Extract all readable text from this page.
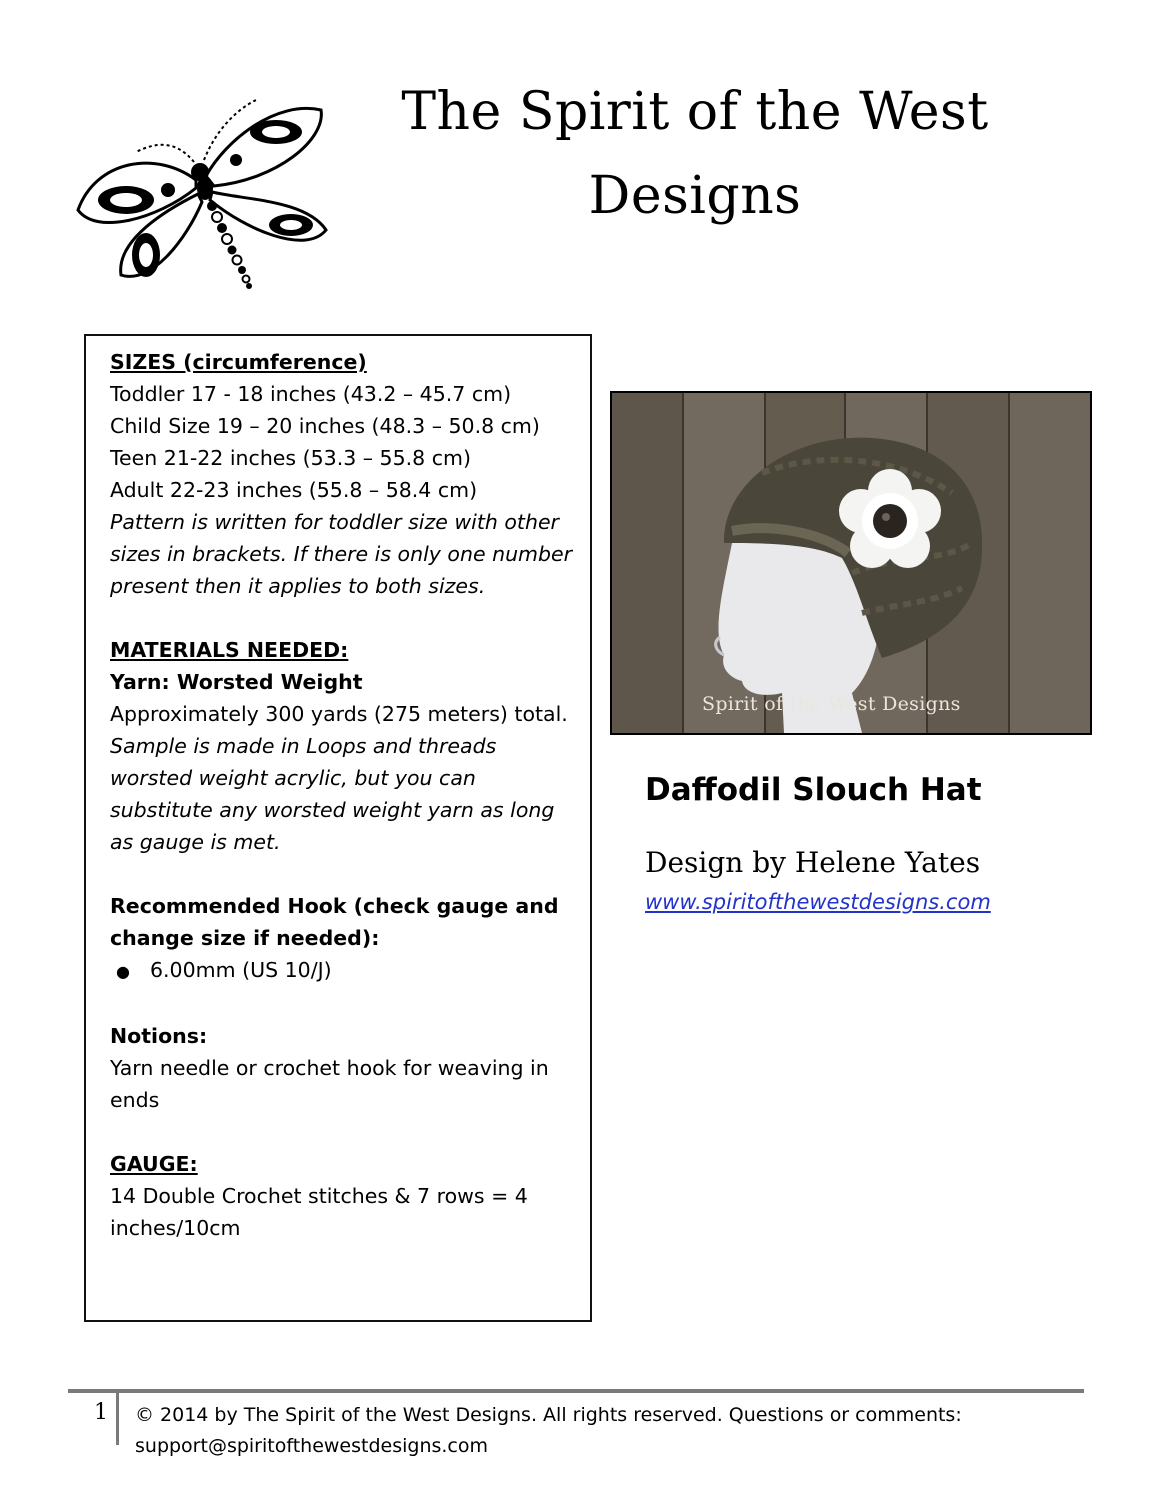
The Spirit of the West
Designs

SIZES (circumference)

Toddler 17 - 18 inches (43.2 – 45.7 cm)

Child Size 19 – 20 inches (48.3 – 50.8 cm)

Teen 21-22 inches (53.3 – 55.8 cm)

Adult 22-23 inches (55.8 – 58.4 cm)

Pattern is written for toddler size with other sizes in brackets. If there is only one number present then it applies to both sizes.

MATERIALS NEEDED:

Yarn: Worsted Weight

Approximately 300 yards (275 meters) total.

Sample is made in Loops and threads worsted weight acrylic, but you can substitute any worsted weight yarn as long as gauge is met.

Recommended Hook (check gauge and change size if needed):

● 6.00mm (US 10/J)

Notions:

Yarn needle or crochet hook for weaving in ends

GAUGE:

14 Double Crochet stitches & 7 rows = 4 inches/10cm

Spirit of the West Designs
Daffodil Slouch Hat
Design by Helene Yates
www.spiritofthewestdesigns.com
1 © 2014 by The Spirit of the West Designs. All rights reserved. Questions or comments:
support@spiritofthewestdesigns.com
